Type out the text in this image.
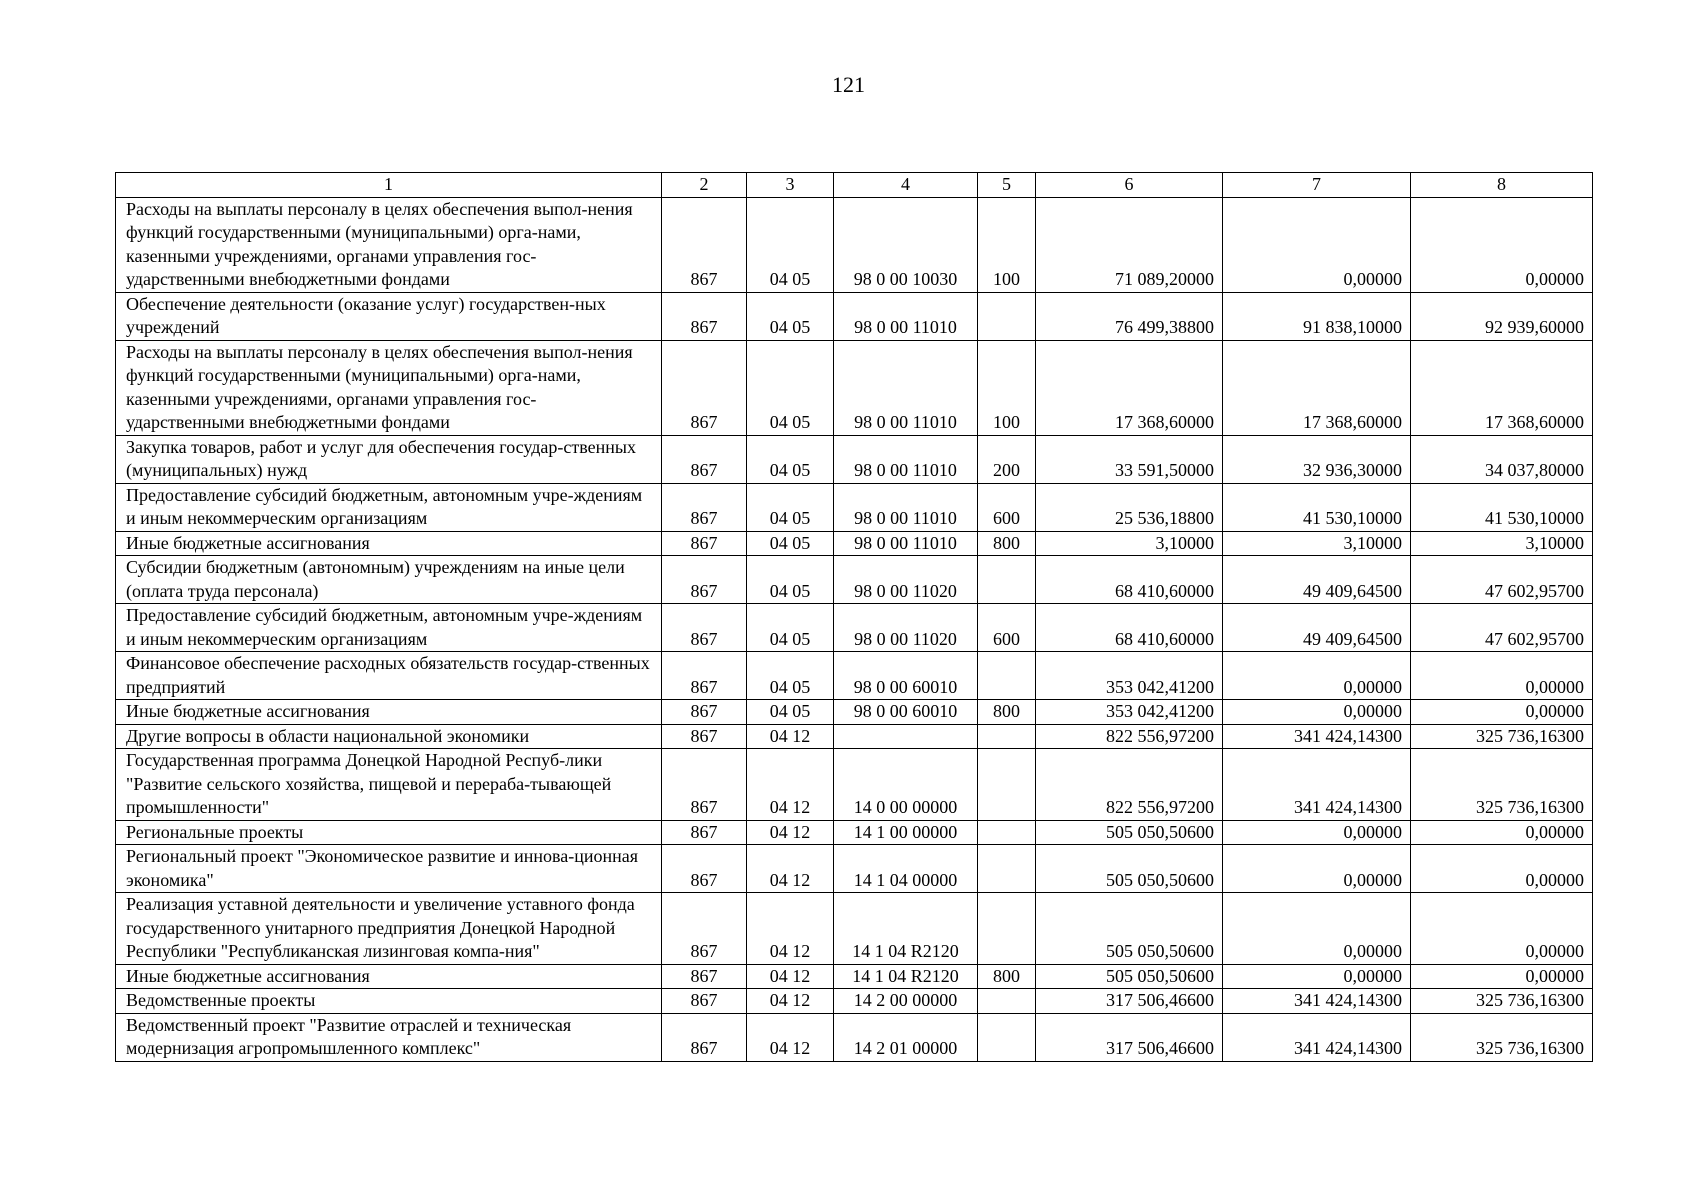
121
1	2	3	4	5	6	7	8
Расходы на выплаты персоналу в целях обеспечения выпол-нения функций государственными (муниципальными) орга-нами, казенными учреждениями, органами управления гос-ударственными внебюджетными фондами	867	04 05	98 0 00 10030	100	71 089,20000	0,00000	0,00000
Обеспечение деятельности (оказание услуг) государствен-ных учреждений	867	04 05	98 0 00 11010		76 499,38800	91 838,10000	92 939,60000
Расходы на выплаты персоналу в целях обеспечения выпол-нения функций государственными (муниципальными) орга-нами, казенными учреждениями, органами управления гос-ударственными внебюджетными фондами	867	04 05	98 0 00 11010	100	17 368,60000	17 368,60000	17 368,60000
Закупка товаров, работ и услуг для обеспечения государ-ственных (муниципальных) нужд	867	04 05	98 0 00 11010	200	33 591,50000	32 936,30000	34 037,80000
Предоставление субсидий бюджетным, автономным учре-ждениям и иным некоммерческим организациям	867	04 05	98 0 00 11010	600	25 536,18800	41 530,10000	41 530,10000
Иные бюджетные ассигнования	867	04 05	98 0 00 11010	800	3,10000	3,10000	3,10000
Субсидии бюджетным (автономным) учреждениям на иные цели (оплата труда персонала)	867	04 05	98 0 00 11020		68 410,60000	49 409,64500	47 602,95700
Предоставление субсидий бюджетным, автономным учре-ждениям и иным некоммерческим организациям	867	04 05	98 0 00 11020	600	68 410,60000	49 409,64500	47 602,95700
Финансовое обеспечение расходных обязательств государ-ственных предприятий	867	04 05	98 0 00 60010		353 042,41200	0,00000	0,00000
Иные бюджетные ассигнования	867	04 05	98 0 00 60010	800	353 042,41200	0,00000	0,00000
Другие вопросы в области национальной экономики	867	04 12			822 556,97200	341 424,14300	325 736,16300
Государственная программа Донецкой Народной Респуб-лики "Развитие сельского хозяйства, пищевой и перераба-тывающей промышленности"	867	04 12	14 0 00 00000		822 556,97200	341 424,14300	325 736,16300
Региональные проекты	867	04 12	14 1 00 00000		505 050,50600	0,00000	0,00000
Региональный проект "Экономическое развитие и иннова-ционная экономика"	867	04 12	14 1 04 00000		505 050,50600	0,00000	0,00000
Реализация уставной деятельности и увеличение уставного фонда государственного унитарного предприятия Донецкой Народной Республики "Республиканская лизинговая компа-ния"	867	04 12	14 1 04 R2120		505 050,50600	0,00000	0,00000
Иные бюджетные ассигнования	867	04 12	14 1 04 R2120	800	505 050,50600	0,00000	0,00000
Ведомственные проекты	867	04 12	14 2 00 00000		317 506,46600	341 424,14300	325 736,16300
Ведомственный проект "Развитие отраслей и техническая модернизация агропромышленного комплекс"	867	04 12	14 2 01 00000		317 506,46600	341 424,14300	325 736,16300
